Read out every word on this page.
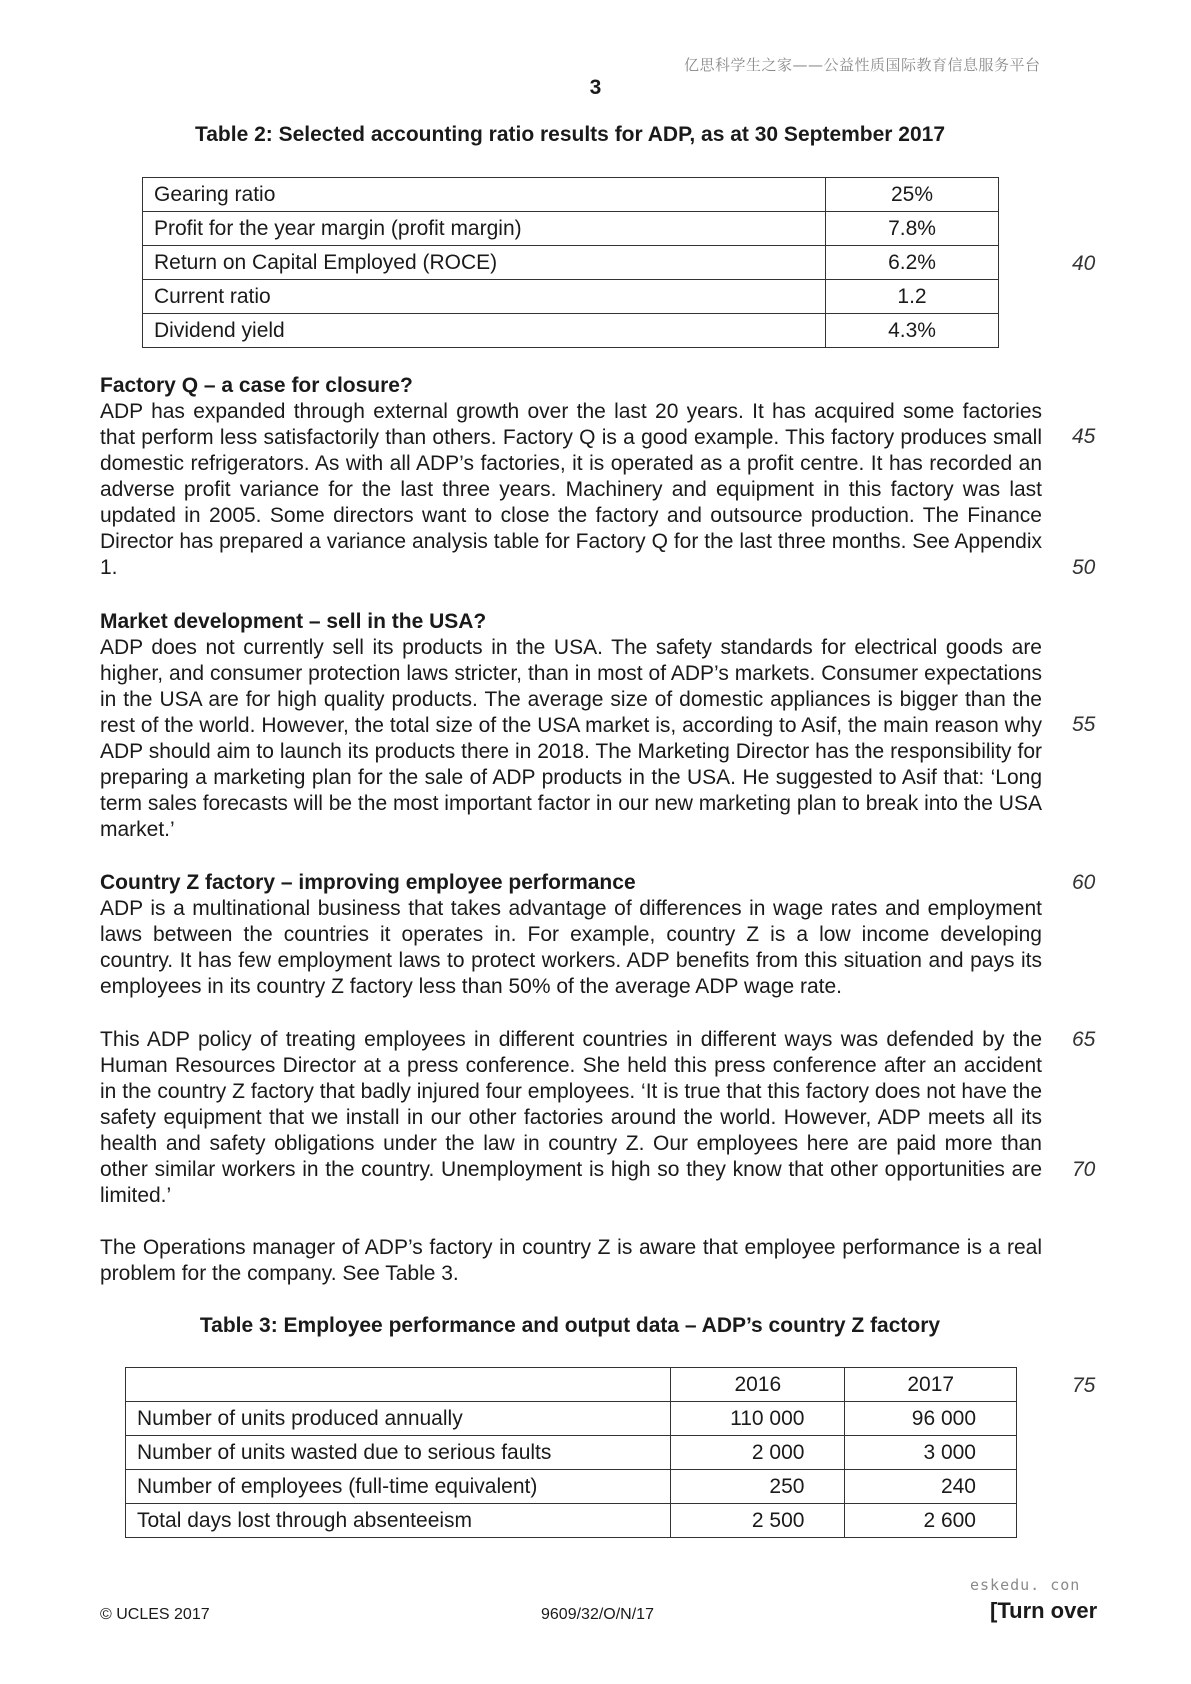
亿思科学生之家——公益性质国际教育信息服务平台
3
Table 2: Selected accounting ratio results for ADP, as at 30 September 2017
Gearing ratio	25%
Profit for the year margin (profit margin)	7.8%
Return on Capital Employed (ROCE)	6.2%
Current ratio	1.2
Dividend yield	4.3%
40
Factory Q – a case for closure?

ADP has expanded through external growth over the last 20 years. It has acquired some factories that perform less satisfactorily than others. Factory Q is a good example. This factory produces small domestic refrigerators. As with all ADP’s factories, it is operated as a profit centre. It has recorded an adverse profit variance for the last three years. Machinery and equipment in this factory was last updated in 2005. Some directors want to close the factory and outsource production. The Finance Director has prepared a variance analysis table for Factory Q for the last three months. See Appendix 1.

45
50
Market development – sell in the USA?

ADP does not currently sell its products in the USA. The safety standards for electrical goods are higher, and consumer protection laws stricter, than in most of ADP’s markets. Consumer expectations in the USA are for high quality products. The average size of domestic appliances is bigger than the rest of the world. However, the total size of the USA market is, according to Asif, the main reason why ADP should aim to launch its products there in 2018. The Marketing Director has the responsibility for preparing a marketing plan for the sale of ADP products in the USA. He suggested to Asif that: ‘Long term sales forecasts will be the most important factor in our new marketing plan to break into the USA market.’

55
60
Country Z factory – improving employee performance

ADP is a multinational business that takes advantage of differences in wage rates and employment laws between the countries it operates in. For example, country Z is a low income developing country. It has few employment laws to protect workers. ADP benefits from this situation and pays its employees in its country Z factory less than 50% of the average ADP wage rate.

This ADP policy of treating employees in different countries in different ways was defended by the Human Resources Director at a press conference. She held this press conference after an accident in the country Z factory that badly injured four employees. ‘It is true that this factory does not have the safety equipment that we install in our other factories around the world. However, ADP meets all its health and safety obligations under the law in country Z. Our employees here are paid more than other similar workers in the country. Unemployment is high so they know that other opportunities are limited.’

65
70

The Operations manager of ADP’s factory in country Z is aware that employee performance is a real problem for the company. See Table 3.

Table 3: Employee performance and output data – ADP’s country Z factory
	2016	2017
Number of units produced annually	110 000	96 000
Number of units wasted due to serious faults	2 000	3 000
Number of employees (full-time equivalent)	250	240
Total days lost through absenteeism	2 500	2 600
75
eskedu. con
© UCLES 2017	9609/32/O/N/17	[Turn over
